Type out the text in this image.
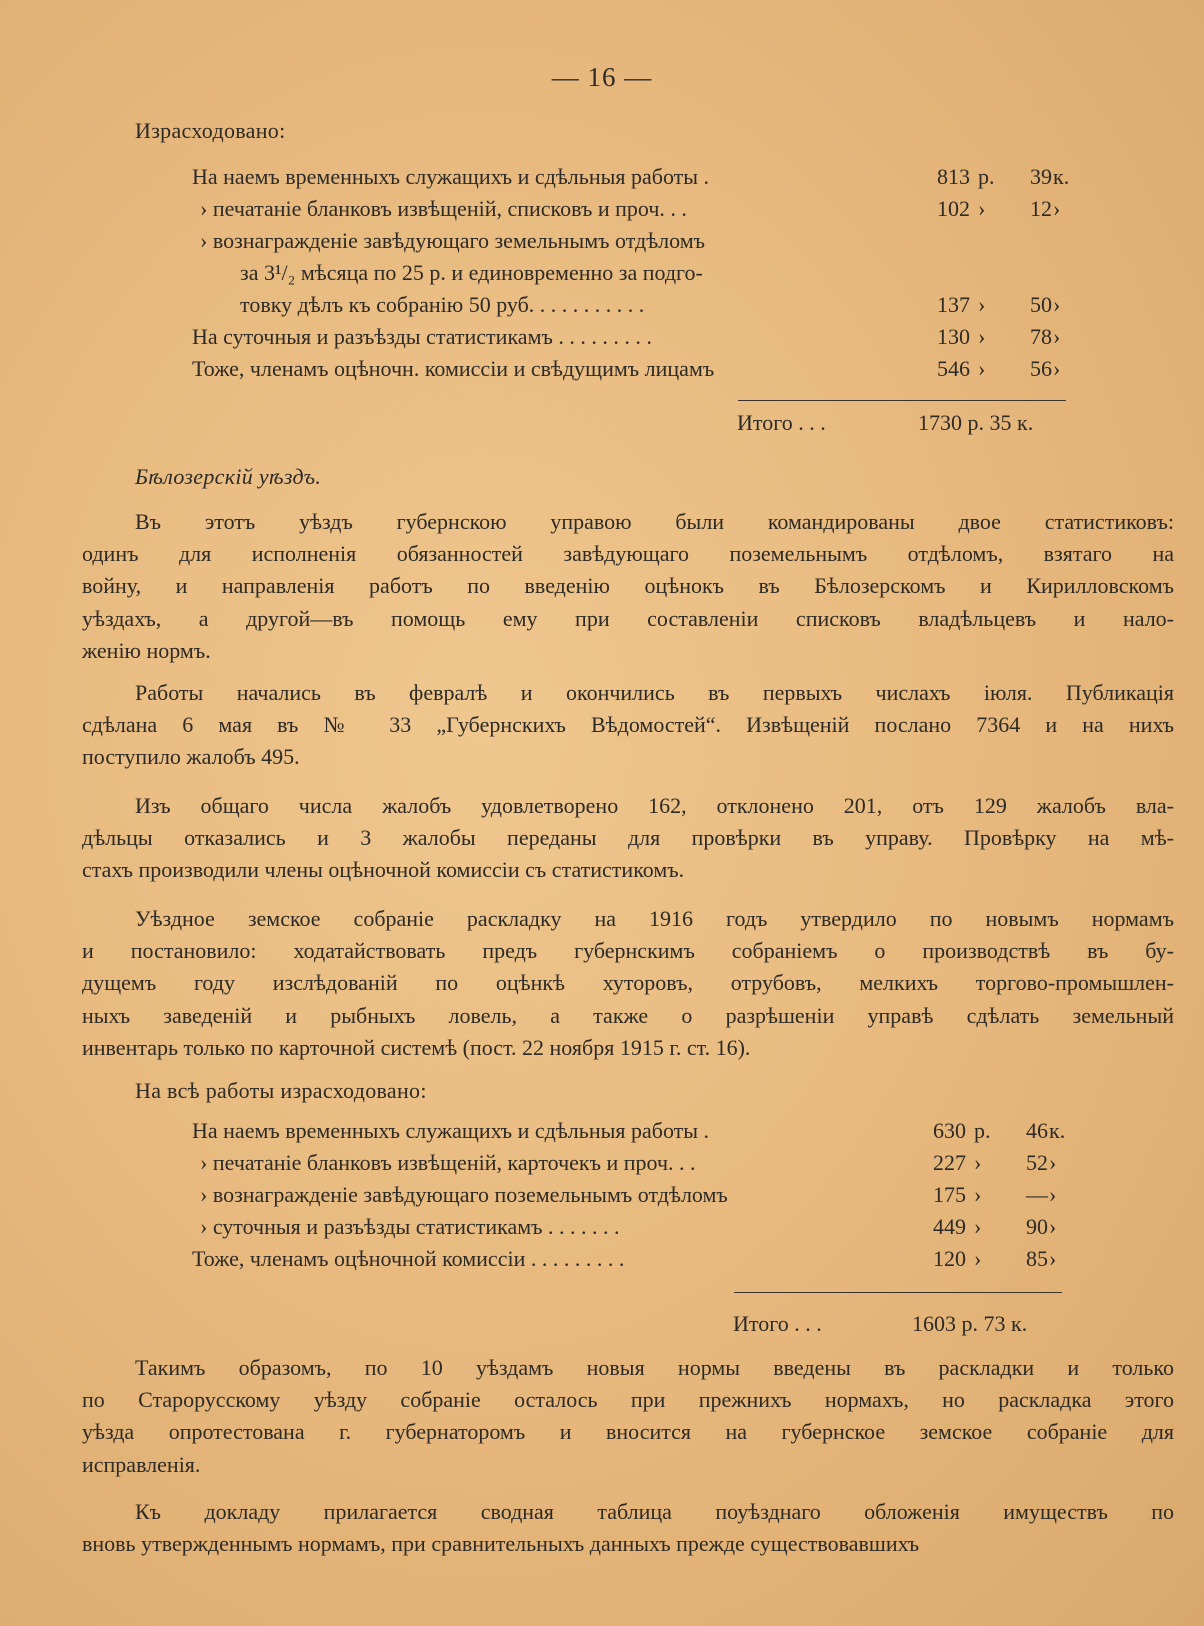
— 16 —
Израсходовано:
На наемъ временныхъ служащихъ и сдѣльныя работы .	813 р.	39 к.
› печатаніе бланковъ извѣщеній, списковъ и проч. . .	102 ›	12 ›
› вознагражденіе завѣдующаго земельнымъ отдѣломъ
за 3¹/₂ мѣсяца по 25 р. и единовременно за подго-
товку дѣлъ къ собранію 50 руб. . . . . . . . . . .	137 ›	50 ›
На суточныя и разъѣзды статистикамъ . . . . . . . . .	130 ›	78 ›
Тоже, членамъ оцѣночн. комиссіи и свѣдущимъ лицамъ	546 ›	56 ›
Итого . . .	1730 р. 35 к.
Бѣлозерскій уѣздъ.
Въ этотъ уѣздъ губернскою управою были командированы двое статистиковъ:
одинъ для исполненія обязанностей завѣдующаго поземельнымъ отдѣломъ, взятаго на
войну, и направленія работъ по введенію оцѣнокъ въ Бѣлозерскомъ и Кирилловскомъ
уѣздахъ, а другой—въ помощь ему при составленіи списковъ владѣльцевъ и нало-
женію нормъ.
Работы начались въ февралѣ и окончились въ первыхъ числахъ іюля. Публикація
сдѣлана 6 мая въ № 33 „Губернскихъ Вѣдомостей“. Извѣщеній послано 7364 и на нихъ
поступило жалобъ 495.
Изъ общаго числа жалобъ удовлетворено 162, отклонено 201, отъ 129 жалобъ вла-
дѣльцы отказались и 3 жалобы переданы для провѣрки въ управу. Провѣрку на мѣ-
стахъ производили члены оцѣночной комиссіи съ статистикомъ.
Уѣздное земское собраніе раскладку на 1916 годъ утвердило по новымъ нормамъ
и постановило: ходатайствовать предъ губернскимъ собраніемъ о производствѣ въ бу-
дущемъ году изслѣдованій по оцѣнкѣ хуторовъ, отрубовъ, мелкихъ торгово-промышлен-
ныхъ заведеній и рыбныхъ ловель, а также о разрѣшеніи управѣ сдѣлать земельный
инвентарь только по карточной системѣ (пост. 22 ноября 1915 г. ст. 16).
На всѣ работы израсходовано:
На наемъ временныхъ служащихъ и сдѣльныя работы .	630 р.	46 к.
› печатаніе бланковъ извѣщеній, карточекъ и проч. . .	227 ›	52 ›
› вознагражденіе завѣдующаго поземельнымъ отдѣломъ	175 ›	— ›
› суточныя и разъѣзды статистикамъ . . . . . . .	449 ›	90 ›
Тоже, членамъ оцѣночной комиссіи . . . . . . . . .	120 ›	85 ›
Итого . . .	1603 р. 73 к.
Такимъ образомъ, по 10 уѣздамъ новыя нормы введены въ раскладки и только
по Старорусскому уѣзду собраніе осталось при прежнихъ нормахъ, но раскладка этого
уѣзда опротестована г. губернаторомъ и вносится на губернское земское собраніе для
исправленія.
Къ докладу прилагается сводная таблица поуѣзднаго обложенія имуществъ по
вновь утвержденнымъ нормамъ, при сравнительныхъ данныхъ прежде существовавшихъ
